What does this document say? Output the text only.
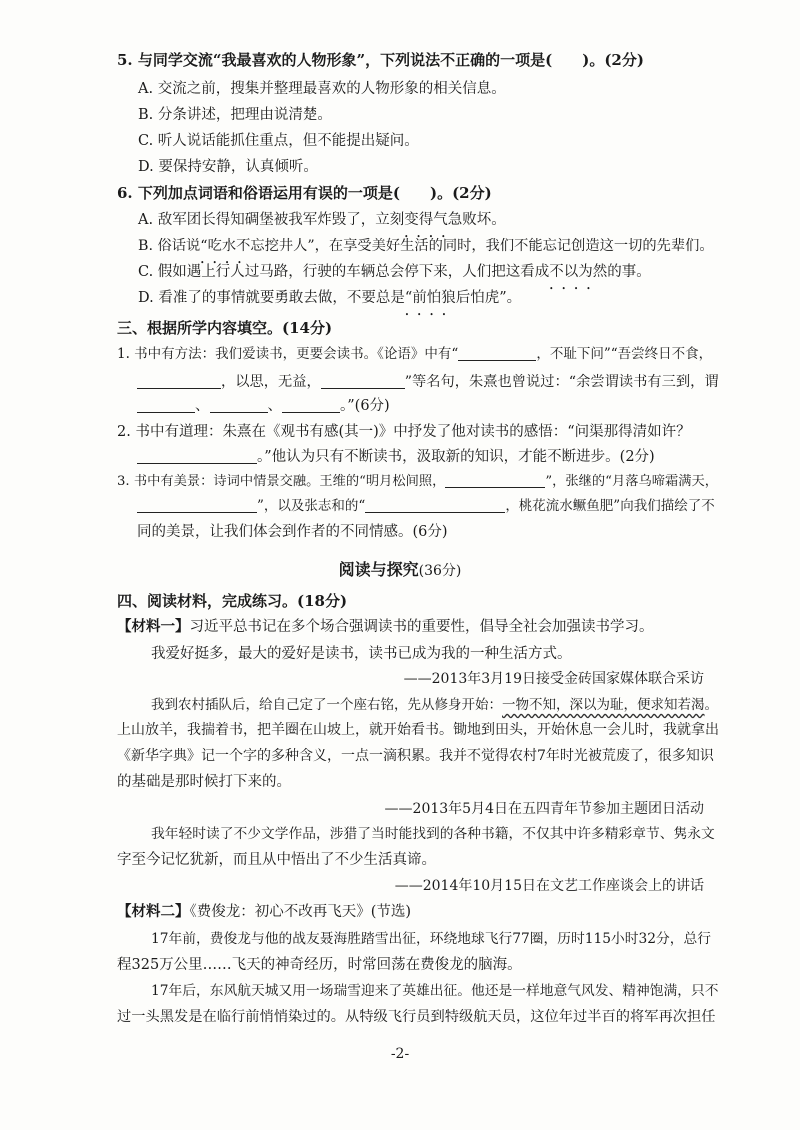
5. 与同学交流“我最喜欢的人物形象”，下列说法不正确的一项是(　　)。(2分)
A. 交流之前，搜集并整理最喜欢的人物形象的相关信息。
B. 分条讲述，把理由说清楚。
C. 听人说话能抓住重点，但不能提出疑问。
D. 要保持安静，认真倾听。
6. 下列加点词语和俗语运用有误的一项是(　　)。(2分)
A. 敌军团长得知碉堡被我军炸毁了，立刻变得气急败坏 • • • •。
B. 俗话说“吃水不忘挖井人” • • • •，在享受美好生活的同时，我们不能忘记创造这一切的先辈们。
C. 假如遇上行人过马路，行驶的车辆总会停下来，人们把这看成不以为然 • • • •的事。
D. 看准了的事情就要勇敢去做，不要总是“前怕狼后怕虎” • • • •。
三、根据所学内容填空。(14分)
1. 书中有方法：我们爱读书，更要会读书。《论语》中有“	，不耻下问”“吾尝终日不食，
，以思，无益，	”等名句，朱熹也曾说过：“余尝谓读书有三到，谓
、	、	。”(6分)
2. 书中有道理：朱熹在《观书有感(其一)》中抒发了他对读书的感悟：“问渠那得清如许？
。”他认为只有不断读书，汲取新的知识，才能不断进步。(2分)
3. 书中有美景：诗词中情景交融。王维的“明月松间照，	”，张继的“月落乌啼霜满天，
”，以及张志和的“	，桃花流水鳜鱼肥”向我们描绘了不
同的美景，让我们体会到作者的不同情感。(6分)
阅读与探究(36分)
四、阅读材料，完成练习。(18分)
【材料一】习近平总书记在多个场合强调读书的重要性，倡导全社会加强读书学习。
我爱好挺多，最大的爱好是读书，读书已成为我的一种生活方式。
——2013年3月19日接受金砖国家媒体联合采访
我到农村插队后，给自己定了一个座右铭，先从修身开始：一物不知，深以为耻，便求知若渴。
上山放羊，我揣着书，把羊圈在山坡上，就开始看书。锄地到田头，开始休息一会儿时，我就拿出
《新华字典》记一个字的多种含义，一点一滴积累。我并不觉得农村7年时光被荒废了，很多知识
的基础是那时候打下来的。
——2013年5月4日在五四青年节参加主题团日活动
我年轻时读了不少文学作品，涉猎了当时能找到的各种书籍，不仅其中许多精彩章节、隽永文
字至今记忆犹新，而且从中悟出了不少生活真谛。
——2014年10月15日在文艺工作座谈会上的讲话
【材料二】《费俊龙：初心不改再飞天》(节选)
17年前，费俊龙与他的战友聂海胜踏雪出征，环绕地球飞行77圈，历时115小时32分，总行
程325万公里……飞天的神奇经历，时常回荡在费俊龙的脑海。
17年后，东风航天城又用一场瑞雪迎来了英雄出征。他还是一样地意气风发、精神饱满，只不
过一头黑发是在临行前悄悄染过的。从特级飞行员到特级航天员，这位年过半百的将军再次担任
-2-
